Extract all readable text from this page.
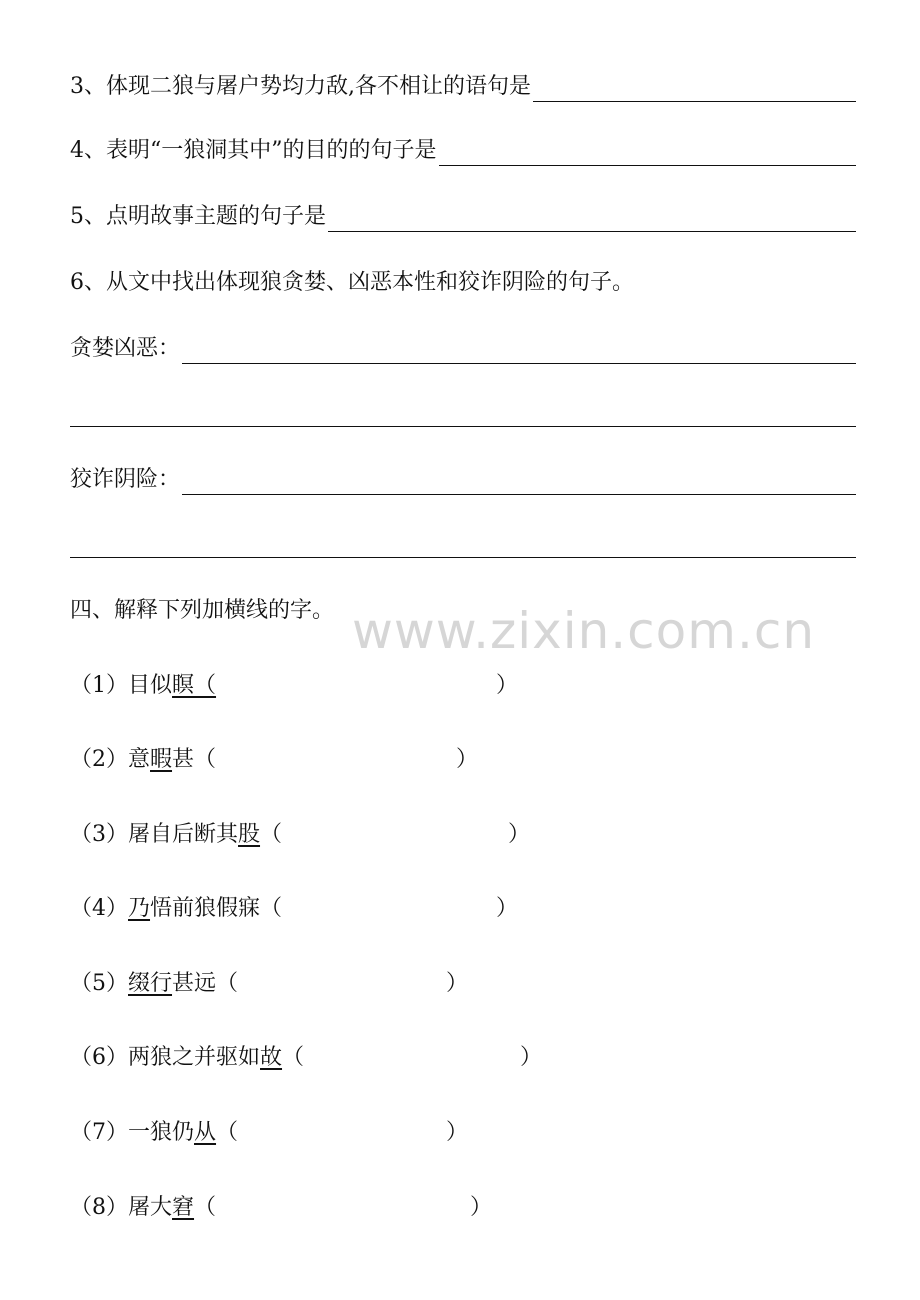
3、体现二狼与屠户势均力敌,各不相让的语句是
4、表明“一狼洞其中”的目的的句子是
5、点明故事主题的句子是
6、从文中找出体现狼贪婪、凶恶本性和狡诈阴险的句子。
贪婪凶恶：
狡诈阴险：
四、解释下列加横线的字。 www.zixin.com.cn
（1）目似瞑（	）
（2）意暇甚（	）
（3）屠自后断其股（	）
（4）乃悟前狼假寐（	）
（5）缀行甚远（	）
（6）两狼之并驱如故（	）
（7）一狼仍从（	）
（8）屠大窘（	）
